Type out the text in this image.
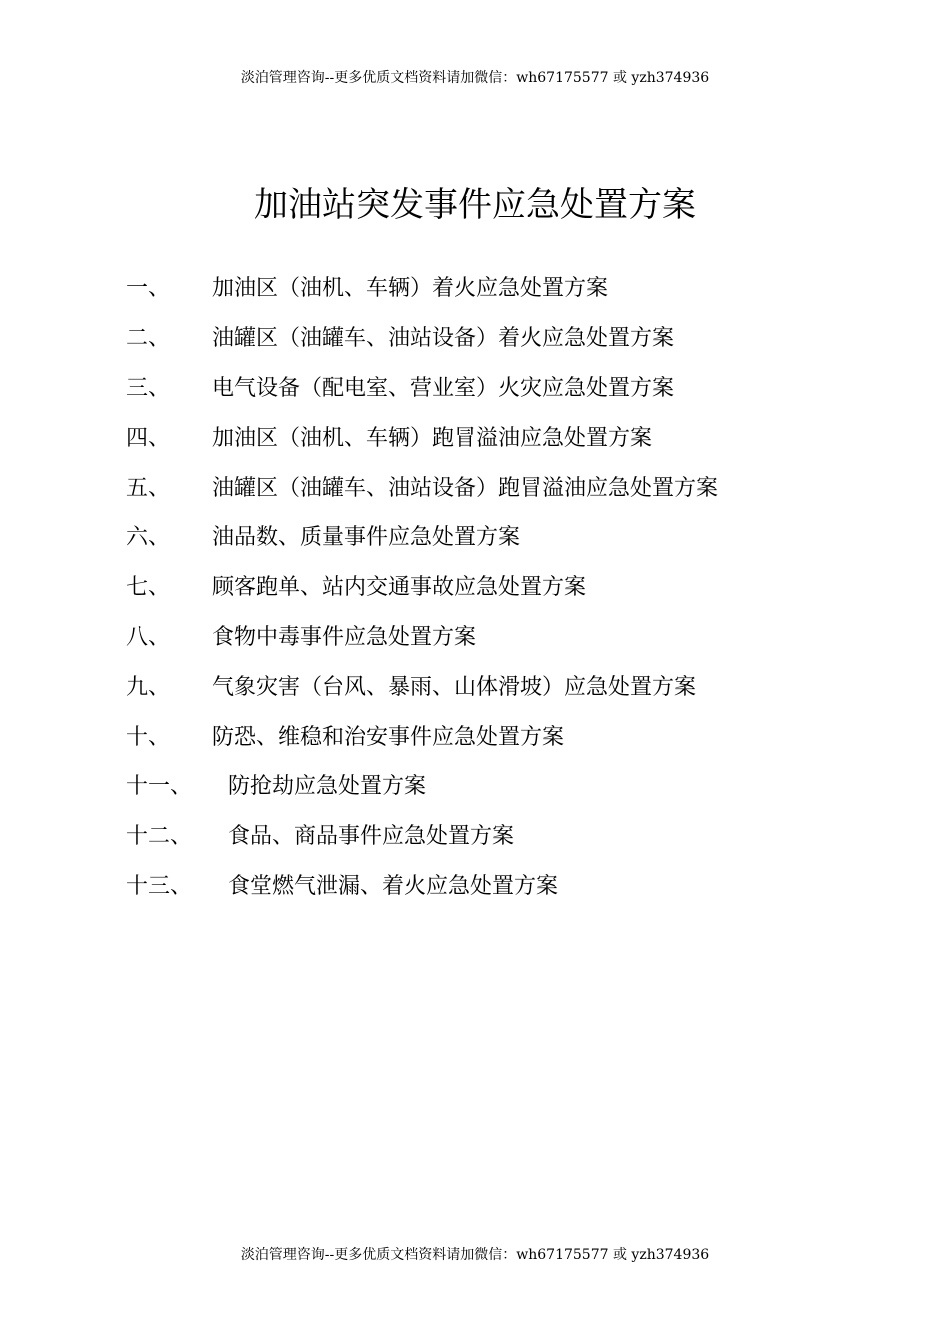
淡泊管理咨询--更多优质文档资料请加微信：wh67175577 或 yzh374936
加油站突发事件应急处置方案
一、	加油区（油机、车辆）着火应急处置方案
二、	油罐区（油罐车、油站设备）着火应急处置方案
三、	电气设备（配电室、营业室）火灾应急处置方案
四、	加油区（油机、车辆）跑冒溢油应急处置方案
五、	油罐区（油罐车、油站设备）跑冒溢油应急处置方案
六、	油品数、质量事件应急处置方案
七、	顾客跑单、站内交通事故应急处置方案
八、	食物中毒事件应急处置方案
九、	气象灾害（台风、暴雨、山体滑坡）应急处置方案
十、	防恐、维稳和治安事件应急处置方案
十一、	防抢劫应急处置方案
十二、	食品、商品事件应急处置方案
十三、	食堂燃气泄漏、着火应急处置方案
淡泊管理咨询--更多优质文档资料请加微信：wh67175577 或 yzh374936
